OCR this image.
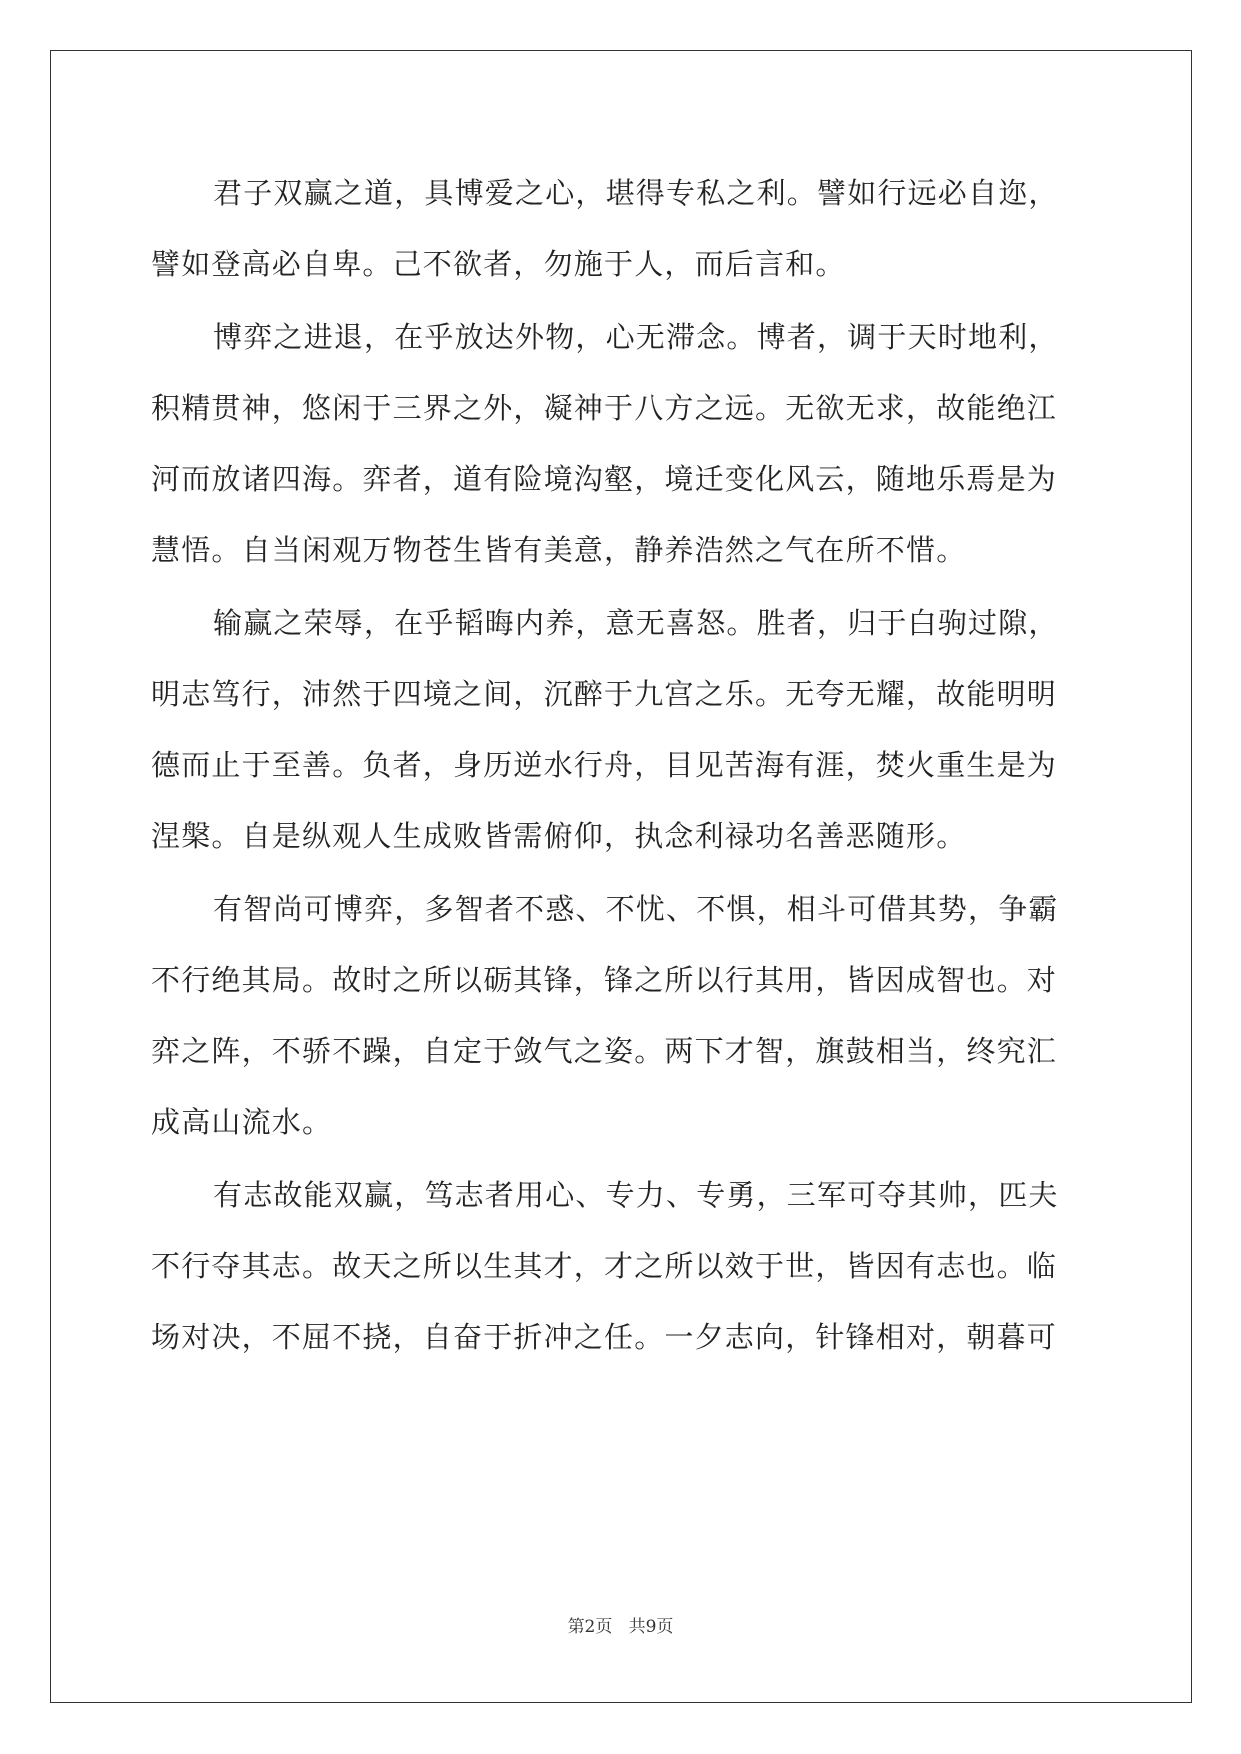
君子双赢之道，具博爱之心，堪得专私之利。譬如行远必自迩，
譬如登高必自卑。己不欲者，勿施于人，而后言和。
博弈之进退，在乎放达外物，心无滞念。博者，调于天时地利，
积精贯神，悠闲于三界之外，凝神于八方之远。无欲无求，故能绝江
河而放诸四海。弈者，道有险境沟壑，境迁变化风云，随地乐焉是为
慧悟。自当闲观万物苍生皆有美意，静养浩然之气在所不惜。
输赢之荣辱，在乎韬晦内养，意无喜怒。胜者，归于白驹过隙，
明志笃行，沛然于四境之间，沉醉于九宫之乐。无夸无耀，故能明明
德而止于至善。负者，身历逆水行舟，目见苦海有涯，焚火重生是为
涅槃。自是纵观人生成败皆需俯仰，执念利禄功名善恶随形。
有智尚可博弈，多智者不惑、不忧、不惧，相斗可借其势，争霸
不行绝其局。故时之所以砺其锋，锋之所以行其用，皆因成智也。对
弈之阵，不骄不躁，自定于敛气之姿。两下才智，旗鼓相当，终究汇
成高山流水。
有志故能双赢，笃志者用心、专力、专勇，三军可夺其帅，匹夫
不行夺其志。故天之所以生其才，才之所以效于世，皆因有志也。临
场对决，不屈不挠，自奋于折冲之任。一夕志向，针锋相对，朝暮可
第2页 共9页
